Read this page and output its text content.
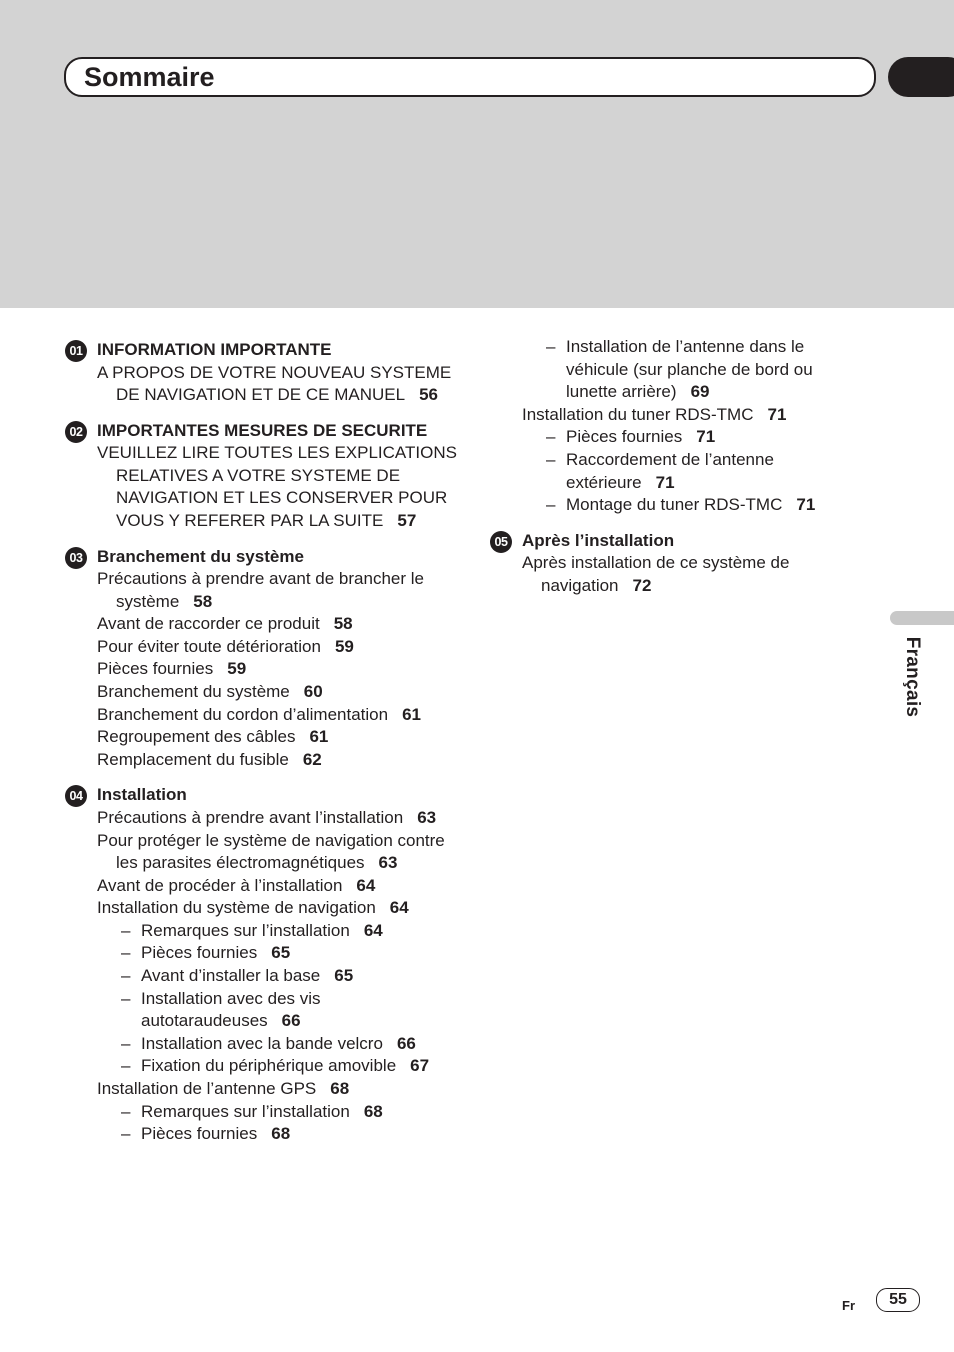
Sommaire
01 INFORMATION IMPORTANTE
A PROPOS DE VOTRE NOUVEAU SYSTEME DE NAVIGATION ET DE CE MANUEL 56
02 IMPORTANTES MESURES DE SECURITE
VEUILLEZ LIRE TOUTES LES EXPLICATIONS RELATIVES A VOTRE SYSTEME DE NAVIGATION ET LES CONSERVER POUR VOUS Y REFERER PAR LA SUITE 57
03 Branchement du système
Précautions à prendre avant de brancher le système 58
Avant de raccorder ce produit 58
Pour éviter toute détérioration 59
Pièces fournies 59
Branchement du système 60
Branchement du cordon d’alimentation 61
Regroupement des câbles 61
Remplacement du fusible 62
04 Installation
Précautions à prendre avant l’installation 63
Pour protéger le système de navigation contre les parasites électromagnétiques 63
Avant de procéder à l’installation 64
Installation du système de navigation 64
– Remarques sur l’installation 64
– Pièces fournies 65
– Avant d’installer la base 65
– Installation avec des vis autotaraudeuses 66
– Installation avec la bande velcro 66
– Fixation du périphérique amovible 67
Installation de l’antenne GPS 68
– Remarques sur l’installation 68
– Pièces fournies 68
– Installation de l’antenne dans le véhicule (sur planche de bord ou lunette arrière) 69
Installation du tuner RDS-TMC 71
– Pièces fournies 71
– Raccordement de l’antenne extérieure 71
– Montage du tuner RDS-TMC 71
05 Après l’installation
Après installation de ce système de navigation 72
Français
Fr	55
